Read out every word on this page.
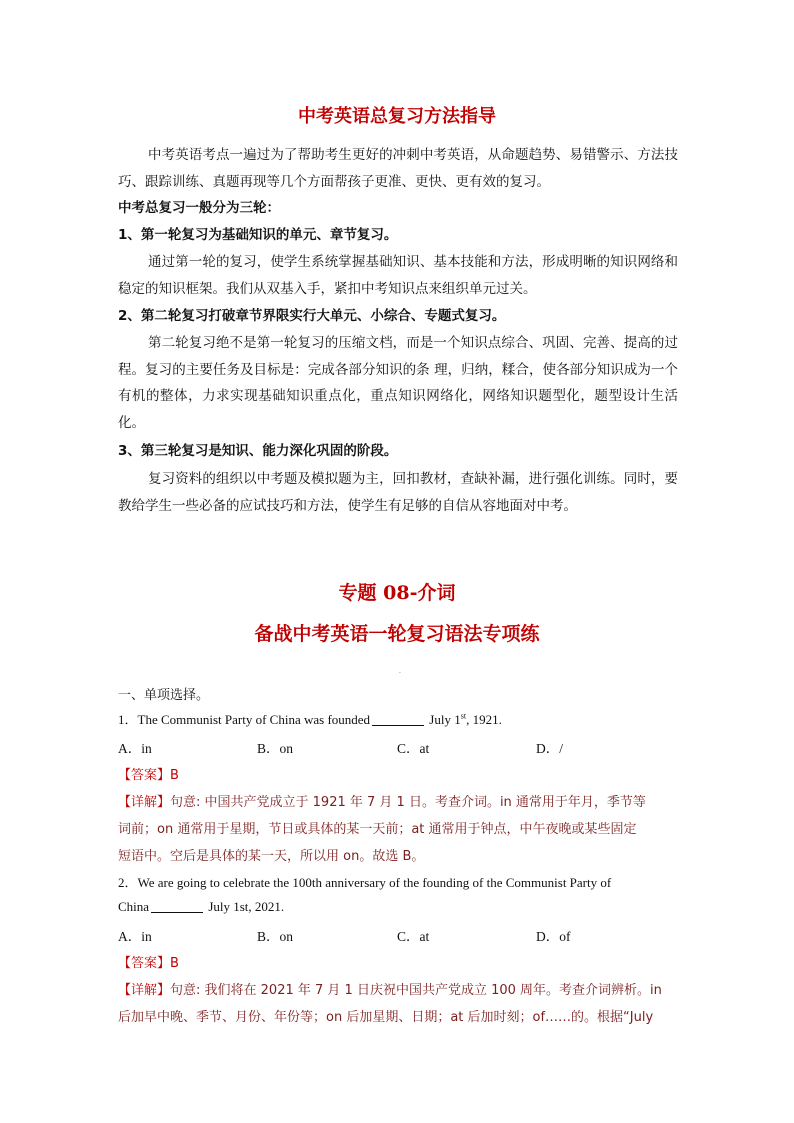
中考英语总复习方法指导
中考英语考点一遍过为了帮助考生更好的冲刺中考英语，从命题趋势、易错警示、方法技巧、跟踪训练、真题再现等几个方面帮孩子更准、更快、更有效的复习。
中考总复习一般分为三轮：
1、第一轮复习为基础知识的单元、章节复习。
通过第一轮的复习，使学生系统掌握基础知识、基本技能和方法，形成明晰的知识网络和稳定的知识框架。我们从双基入手，紧扣中考知识点来组织单元过关。
2、第二轮复习打破章节界限实行大单元、小综合、专题式复习。
第二轮复习绝不是第一轮复习的压缩文档，而是一个知识点综合、巩固、完善、提高的过程。复习的主要任务及目标是：完成各部分知识的条 理，归纳，糅合，使各部分知识成为一个有机的整体，力求实现基础知识重点化，重点知识网络化，网络知识题型化，题型设计生活化。
3、第三轮复习是知识、能力深化巩固的阶段。
复习资料的组织以中考题及模拟题为主，回扣教材，查缺补漏，进行强化训练。同时，要教给学生一些必备的应试技巧和方法，使学生有足够的自信从容地面对中考。
专题 08-介词
备战中考英语一轮复习语法专项练
.
一、单项选择。
1．The Communist Party of China was founded	July 1st, 1921.
A．in	B．on	C．at	D．/
【答案】B
【详解】句意: 中国共产党成立于 1921 年 7 月 1 日。考查介词。in 通常用于年月，季节等
词前；on 通常用于星期，节日或具体的某一天前；at 通常用于钟点，中午夜晚或某些固定
短语中。空后是具体的某一天，所以用 on。故选 B。
2．We are going to celebrate the 100th anniversary of the founding of the Communist Party of
China	July 1st, 2021.
A．in	B．on	C．at	D．of
【答案】B
【详解】句意: 我们将在 2021 年 7 月 1 日庆祝中国共产党成立 100 周年。考查介词辨析。in
后加早中晚、季节、月份、年份等；on 后加星期、日期；at 后加时刻；of……的。根据“July
